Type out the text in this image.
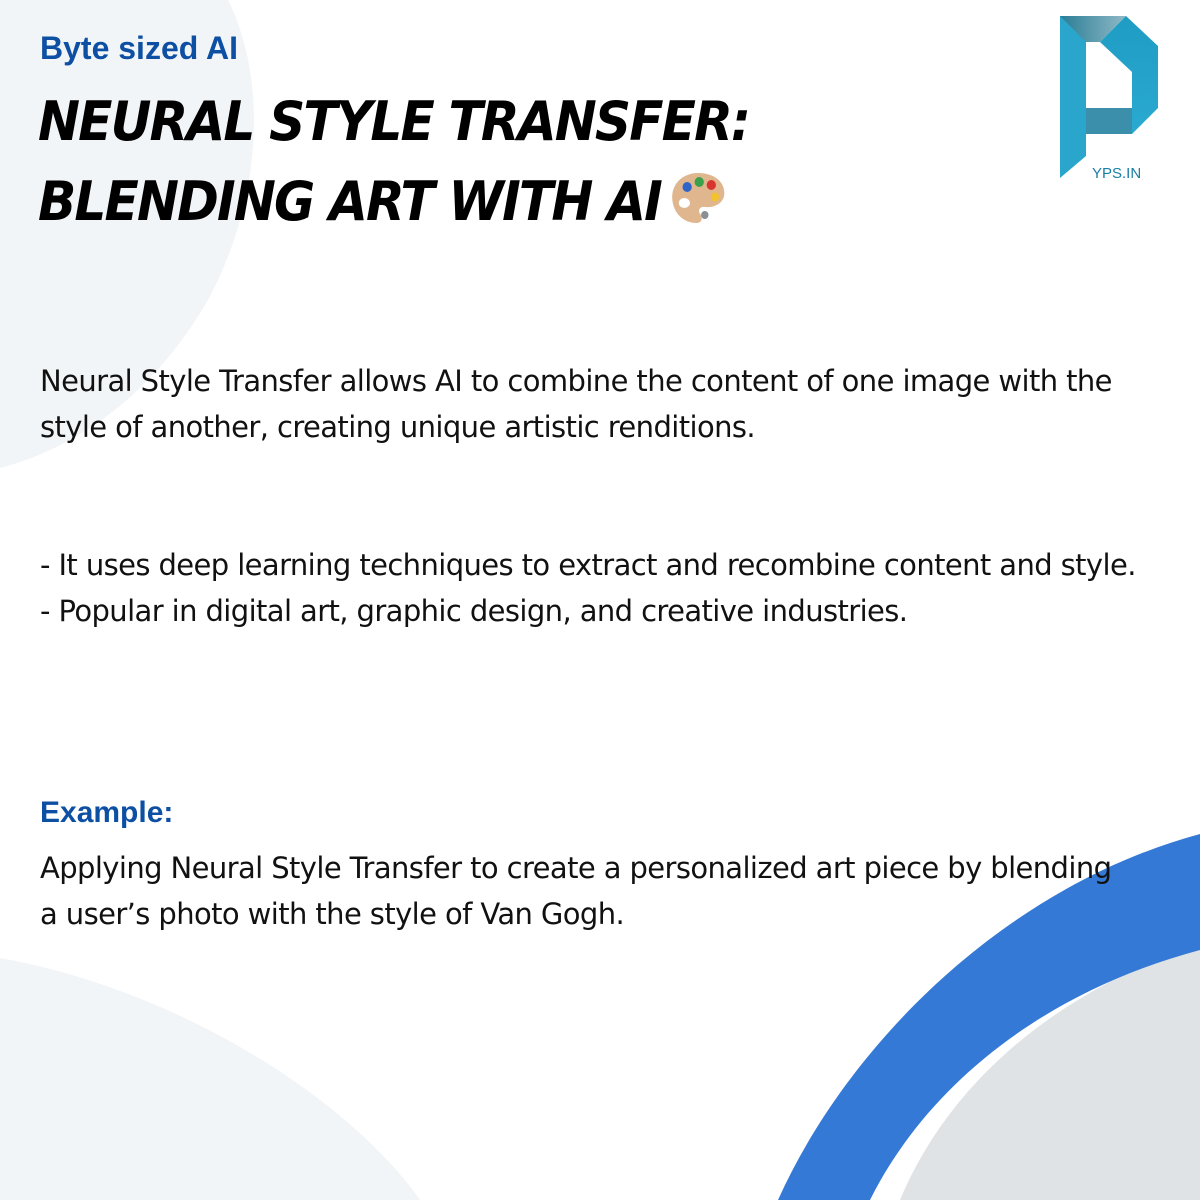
Byte sized AI
NEURAL STYLE TRANSFER: BLENDING ART WITH AI	YPS.IN
Neural Style Transfer allows AI to combine the content of one image with the style of another, creating unique artistic renditions.
- It uses deep learning techniques to extract and recombine content and style.
- Popular in digital art, graphic design, and creative industries.
Example:
Applying Neural Style Transfer to create a personalized art piece by blending a user’s photo with the style of Van Gogh.
